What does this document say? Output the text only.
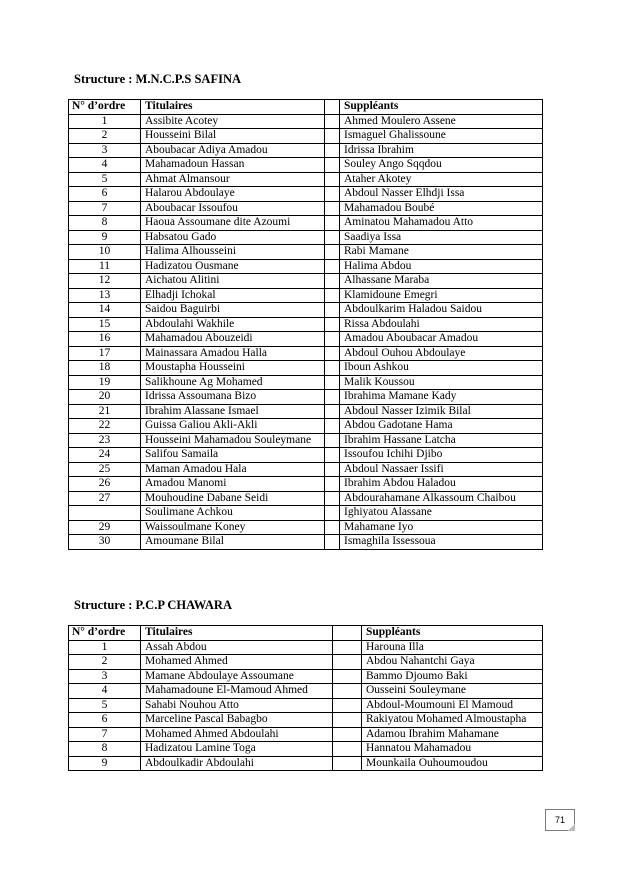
Structure : M.N.C.P.S SAFINA
N° d’ordre	Titulaires		Suppléants
1	Assibite Acotey		Ahmed Moulero Assene
2	Housseini Bilal		Ismaguel Ghalissoune
3	Aboubacar Adiya Amadou		Idrissa Ibrahim
4	Mahamadoun Hassan		Souley Ango Sqqdou
5	Ahmat Almansour		Ataher Akotey
6	Halarou Abdoulaye		Abdoul Nasser Elhdji Issa
7	Aboubacar Issoufou		Mahamadou Boubé
8	Haoua Assoumane dite Azoumi		Aminatou Mahamadou Atto
9	Habsatou Gado		Saadiya Issa
10	Halima Alhousseini		Rabi Mamane
11	Hadizatou Ousmane		Halima Abdou
12	Aichatou Alitini		Alhassane Maraba
13	Elhadji Ichokal		Klamidoune Emegri
14	Saidou Baguirbi		Abdoulkarim Haladou Saidou
15	Abdoulahi Wakhile		Rissa Abdoulahi
16	Mahamadou Abouzeidi		Amadou Aboubacar Amadou
17	Mainassara Amadou Halla		Abdoul Ouhou Abdoulaye
18	Moustapha Housseini		Iboun Ashkou
19	Salikhoune Ag Mohamed		Malik Koussou
20	Idrissa Assoumana Bizo		Ibrahima Mamane Kady
21	Ibrahim Alassane Ismael		Abdoul Nasser Izimik Bilal
22	Guissa Galiou Akli-Akli		Abdou Gadotane Hama
23	Housseini Mahamadou Souleymane		Ibrahim Hassane Latcha
24	Salifou Samaila		Issoufou Ichihi Djibo
25	Maman Amadou Hala		Abdoul Nassaer Issifi
26	Amadou Manomi		Ibrahim Abdou Haladou
27	Mouhoudine Dabane Seidi		Abdourahamane Alkassoum Chaibou
	Soulimane Achkou		Ighiyatou Alassane
29	Waissoulmane Koney		Mahamane Iyo
30	Amoumane Bilal		Ismaghila Issessoua
Structure : P.C.P CHAWARA
N° d’ordre	Titulaires		Suppléants
1	Assah Abdou		Harouna Illa
2	Mohamed Ahmed		Abdou Nahantchi Gaya
3	Mamane Abdoulaye Assoumane		Bammo Djoumo Baki
4	Mahamadoune El-Mamoud Ahmed		Ousseini Souleymane
5	Sahabi Nouhou Atto		Abdoul-Moumouni El Mamoud
6	Marceline Pascal Babagbo		Rakiyatou Mohamed Almoustapha
7	Mohamed Ahmed Abdoulahi		Adamou Ibrahim Mahamane
8	Hadizatou Lamine Toga		Hannatou Mahamadou
9	Abdoulkadir Abdoulahi		Mounkaila Ouhoumoudou
71
